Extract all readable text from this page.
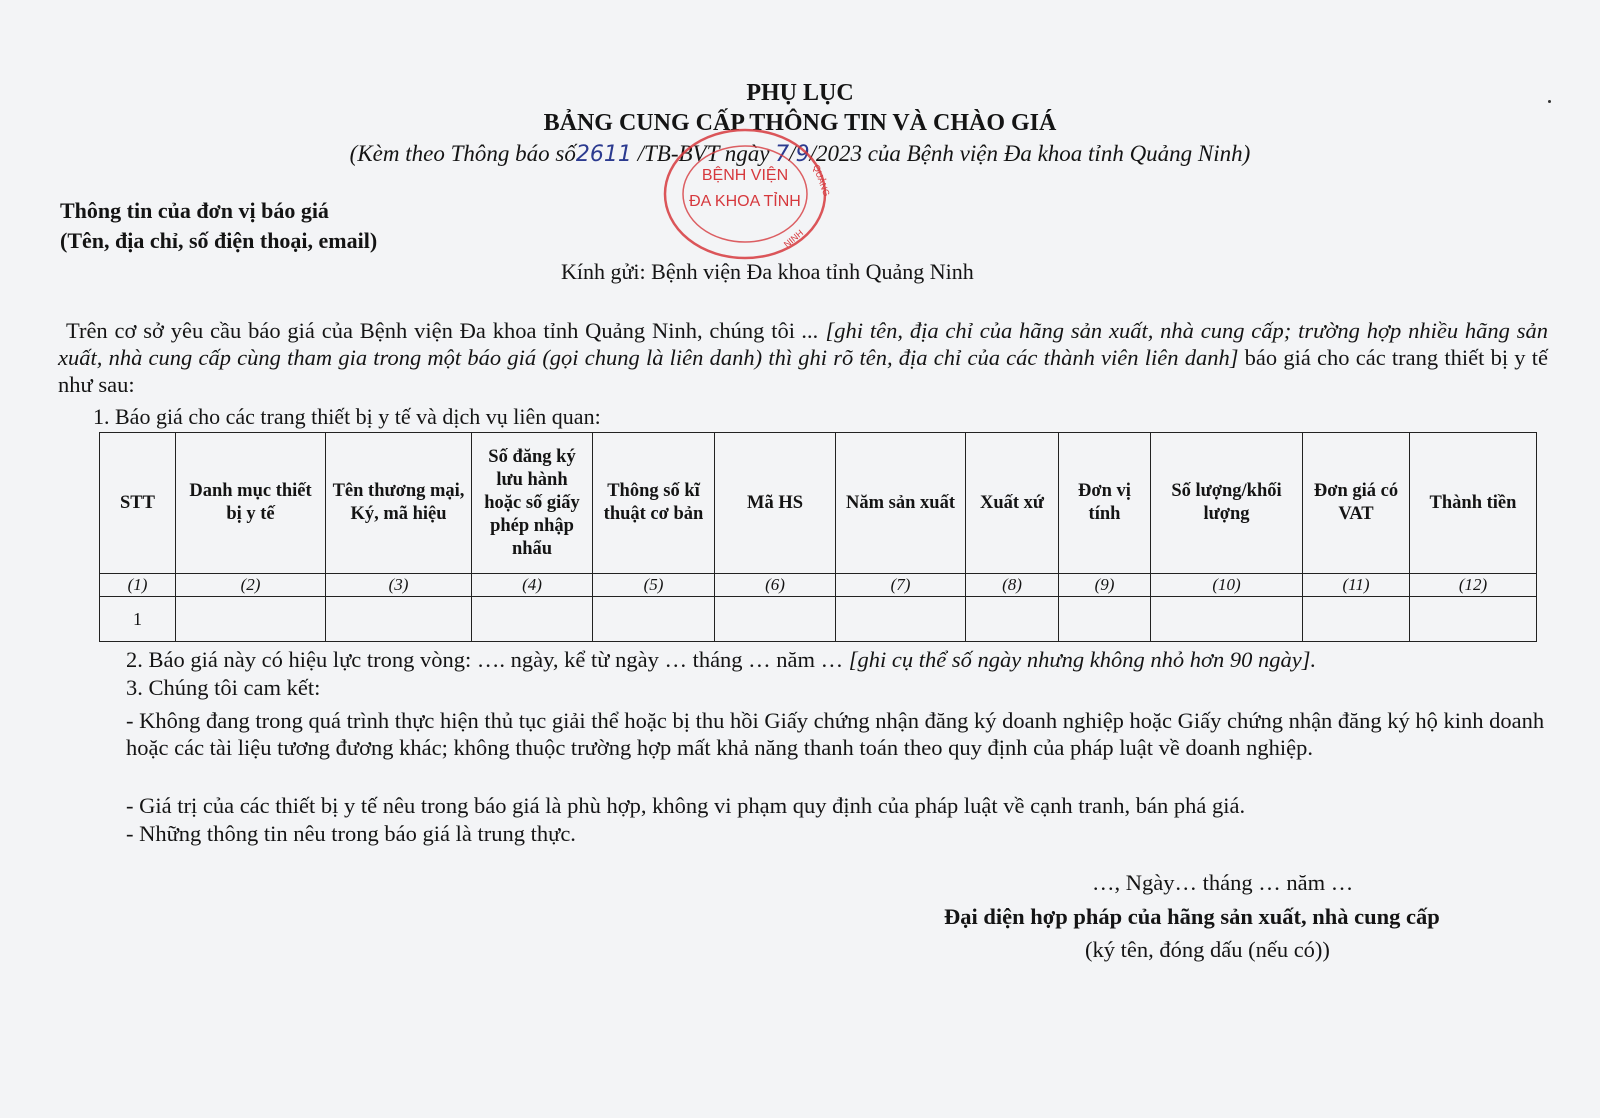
PHỤ LỤC
BẢNG CUNG CẤP THÔNG TIN VÀ CHÀO GIÁ
(Kèm theo Thông báo số2611 /TB-BVT ngày 7/9/2023 của Bệnh viện Đa khoa tỉnh Quảng Ninh)
BỆNH VIỆN
ĐA KHOA TỈNH
QUẢNG
NINH
Thông tin của đơn vị báo giá
(Tên, địa chỉ, số điện thoại, email)
Kính gửi: Bệnh viện Đa khoa tỉnh Quảng Ninh
Trên cơ sở yêu cầu báo giá của Bệnh viện Đa khoa tỉnh Quảng Ninh, chúng tôi ... [ghi tên, địa chỉ của hãng sản xuất, nhà cung cấp; trường hợp nhiều hãng sản xuất, nhà cung cấp cùng tham gia trong một báo giá (gọi chung là liên danh) thì ghi rõ tên, địa chỉ của các thành viên liên danh] báo giá cho các trang thiết bị y tế như sau:
1. Báo giá cho các trang thiết bị y tế và dịch vụ liên quan:
STT	Danh mục thiết bị y tế	Tên thương mại, Ký, mã hiệu	Số đăng ký lưu hành hoặc số giấy phép nhập nhẩu	Thông số kĩ thuật cơ bản	Mã HS	Năm sản xuất	Xuất xứ	Đơn vị tính	Số lượng/khối lượng	Đơn giá có VAT	Thành tiền
(1)	(2)	(3)	(4)	(5)	(6)	(7)	(8)	(9)	(10)	(11)	(12)
1											
2. Báo giá này có hiệu lực trong vòng: …. ngày, kể từ ngày … tháng … năm … [ghi cụ thể số ngày nhưng không nhỏ hơn 90 ngày].
3. Chúng tôi cam kết:
- Không đang trong quá trình thực hiện thủ tục giải thể hoặc bị thu hồi Giấy chứng nhận đăng ký doanh nghiệp hoặc Giấy chứng nhận đăng ký hộ kinh doanh hoặc các tài liệu tương đương khác; không thuộc trường hợp mất khả năng thanh toán theo quy định của pháp luật về doanh nghiệp.
- Giá trị của các thiết bị y tế nêu trong báo giá là phù hợp, không vi phạm quy định của pháp luật về cạnh tranh, bán phá giá.
- Những thông tin nêu trong báo giá là trung thực.
…, Ngày… tháng … năm …
Đại diện hợp pháp của hãng sản xuất, nhà cung cấp
(ký tên, đóng dấu (nếu có))
